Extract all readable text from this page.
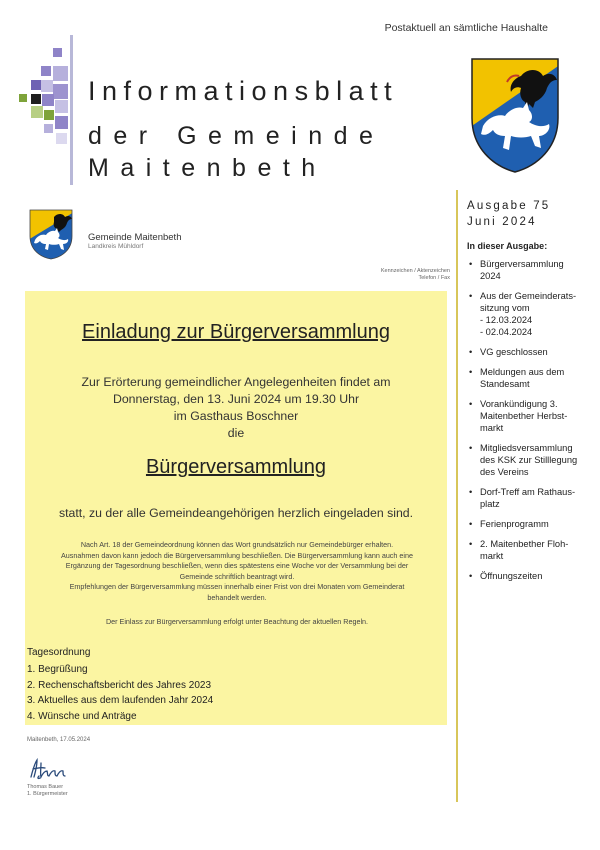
Postaktuell an sämtliche Haushalte
Informationsblatt
der Gemeinde
Maitenbeth
Ausgabe 75
Juni 2024
In dieser Ausgabe:
• Bürgerversammlung
2024
• Aus der Gemeinderats-
sitzung vom
- 12.03.2024
- 02.04.2024
• VG geschlossen
• Meldungen aus dem
Standesamt
• Vorankündigung 3.
Maitenbether Herbst-
markt
• Mitgliedsversammlung
des KSK zur Stilllegung
des Vereins
• Dorf-Treff am Rathaus-
platz
• Ferienprogramm
• 2. Maitenbether Floh-
markt
• Öffnungszeiten
Gemeinde Maitenbeth
Landkreis Mühldorf
Kennzeichen / Aktenzeichen
Telefon / Fax
Einladung zur Bürgerversammlung
Zur Erörterung gemeindlicher Angelegenheiten findet am
Donnerstag, den 13. Juni 2024 um 19.30 Uhr
im Gasthaus Boschner
die
Bürgerversammlung
statt, zu der alle Gemeindeangehörigen herzlich eingeladen sind.
Nach Art. 18 der Gemeindeordnung können das Wort grundsätzlich nur Gemeindebürger erhalten.
Ausnahmen davon kann jedoch die Bürgerversammlung beschließen. Die Bürgerversammlung kann auch eine
Ergänzung der Tagesordnung beschließen, wenn dies spätestens eine Woche vor der Versammlung bei der
Gemeinde schriftlich beantragt wird.
Empfehlungen der Bürgerversammlung müssen innerhalb einer Frist von drei Monaten vom Gemeinderat
behandelt werden.
Der Einlass zur Bürgerversammlung erfolgt unter Beachtung der aktuellen Regeln.
Tagesordnung
1. Begrüßung
2. Rechenschaftsbericht des Jahres 2023
3. Aktuelles aus dem laufenden Jahr 2024
4. Wünsche und Anträge
Maitenbeth, 17.05.2024
Thomas Bauer
1. Bürgermeister
